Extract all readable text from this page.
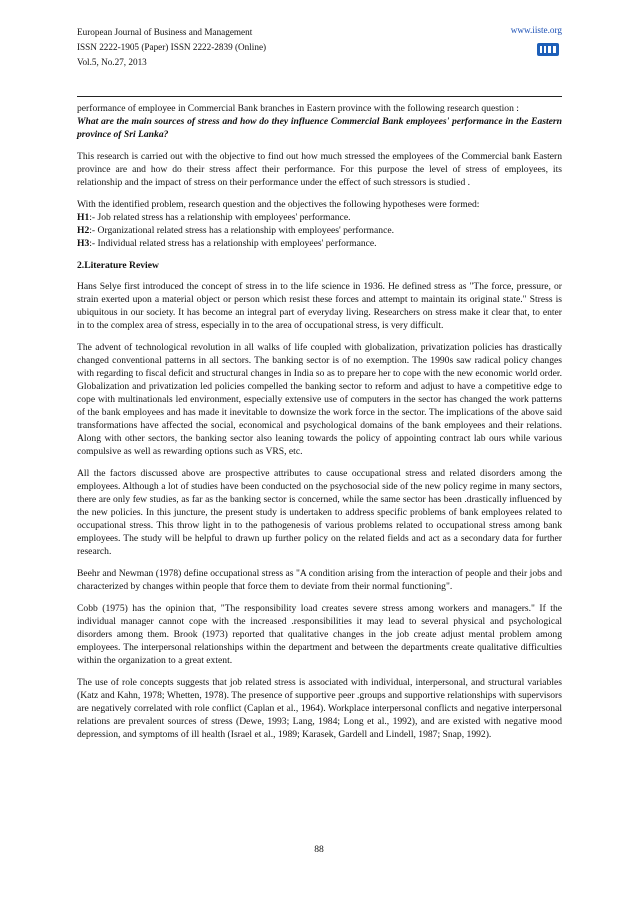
European Journal of Business and Management
ISSN 2222-1905 (Paper) ISSN 2222-2839 (Online)
Vol.5, No.27, 2013
www.iiste.org

performance of employee in Commercial Bank branches in Eastern province with the following research question :
What are the main sources of stress and how do they influence Commercial Bank employees' performance in the Eastern province of Sri Lanka?

This research is carried out with the objective to find out how much stressed the employees of the Commercial bank Eastern province are and how do their stress affect their performance. For this purpose the level of stress of employees, its relationship and the impact of stress on their performance under the effect of such stressors is studied .

With the identified problem, research question and the objectives the following hypotheses were formed:
H1:- Job related stress has a relationship with employees' performance.
H2:- Organizational related stress has a relationship with employees' performance.
H3:- Individual related stress has a relationship with employees' performance.

2.Literature Review

Hans Selye first introduced the concept of stress in to the life science in 1936. He defined stress as "The force, pressure, or strain exerted upon a material object or person which resist these forces and attempt to maintain its original state." Stress is ubiquitous in our society. It has become an integral part of everyday living. Researchers on stress make it clear that, to enter in to the complex area of stress, especially in to the area of occupational stress, is very difficult.

The advent of technological revolution in all walks of life coupled with globalization, privatization policies has drastically changed conventional patterns in all sectors. The banking sector is of no exemption. The 1990s saw radical policy changes with regarding to fiscal deficit and structural changes in India so as to prepare her to cope with the new economic world order. Globalization and privatization led policies compelled the banking sector to reform and adjust to have a competitive edge to cope with multinationals led environment, especially extensive use of computers in the sector has changed the work patterns of the bank employees and has made it inevitable to downsize the work force in the sector. The implications of the above said transformations have affected the social, economical and psychological domains of the bank employees and their relations. Along with other sectors, the banking sector also leaning towards the policy of appointing contract lab ours while various compulsive as well as rewarding options such as VRS, etc.

All the factors discussed above are prospective attributes to cause occupational stress and related disorders among the employees. Although a lot of studies have been conducted on the psychosocial side of the new policy regime in many sectors, there are only few studies, as far as the banking sector is concerned, while the same sector has been .drastically influenced by the new policies. In this juncture, the present study is undertaken to address specific problems of bank employees related to occupational stress. This throw light in to the pathogenesis of various problems related to occupational stress among bank employees. The study will be helpful to drawn up further policy on the related fields and act as a secondary data for further research.

Beehr and Newman (1978) define occupational stress as "A condition arising from the interaction of people and their jobs and characterized by changes within people that force them to deviate from their normal functioning".

Cobb (1975) has the opinion that, "The responsibility load creates severe stress among workers and managers." If the individual manager cannot cope with the increased .responsibilities it may lead to several physical and psychological disorders among them. Brook (1973) reported that qualitative changes in the job create adjust mental problem among employees. The interpersonal relationships within the department and between the departments create qualitative difficulties within the organization to a great extent.

The use of role concepts suggests that job related stress is associated with individual, interpersonal, and structural variables (Katz and Kahn, 1978; Whetten, 1978). The presence of supportive peer .groups and supportive relationships with supervisors are negatively correlated with role conflict (Caplan et al., 1964). Workplace interpersonal conflicts and negative interpersonal relations are prevalent sources of stress (Dewe, 1993; Lang, 1984; Long et al., 1992), and are existed with negative mood depression, and symptoms of ill health (Israel et al., 1989; Karasek, Gardell and Lindell, 1987; Snap, 1992).

88
